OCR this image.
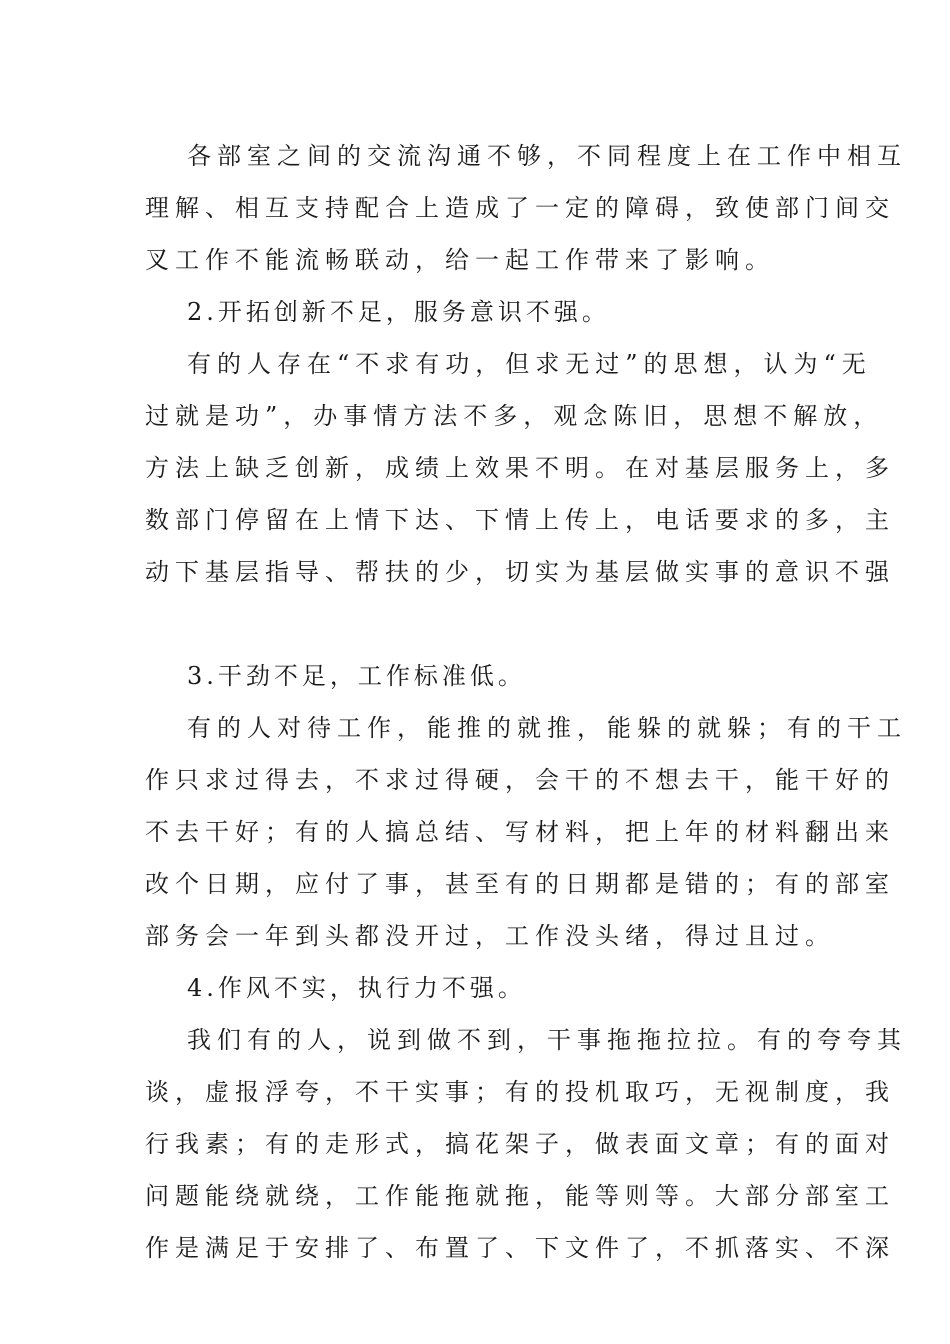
各部室之间的交流沟通不够，不同程度上在工作中相互
理解、相互支持配合上造成了一定的障碍，致使部门间交
叉工作不能流畅联动，给一起工作带来了影响。
2.开拓创新不足，服务意识不强。
有的人存在“不求有功，但求无过”的思想，认为“无
过就是功”，办事情方法不多，观念陈旧，思想不解放，
方法上缺乏创新，成绩上效果不明。在对基层服务上，多
数部门停留在上情下达、下情上传上，电话要求的多，主
动下基层指导、帮扶的少，切实为基层做实事的意识不强
3.干劲不足，工作标准低。
有的人对待工作，能推的就推，能躲的就躲；有的干工
作只求过得去，不求过得硬，会干的不想去干，能干好的
不去干好；有的人搞总结、写材料，把上年的材料翻出来
改个日期，应付了事，甚至有的日期都是错的；有的部室
部务会一年到头都没开过，工作没头绪，得过且过。
4.作风不实，执行力不强。
我们有的人，说到做不到，干事拖拖拉拉。有的夸夸其
谈，虚报浮夸，不干实事；有的投机取巧，无视制度，我
行我素；有的走形式，搞花架子，做表面文章；有的面对
问题能绕就绕，工作能拖就拖，能等则等。大部分部室工
作是满足于安排了、布置了、下文件了，不抓落实、不深
